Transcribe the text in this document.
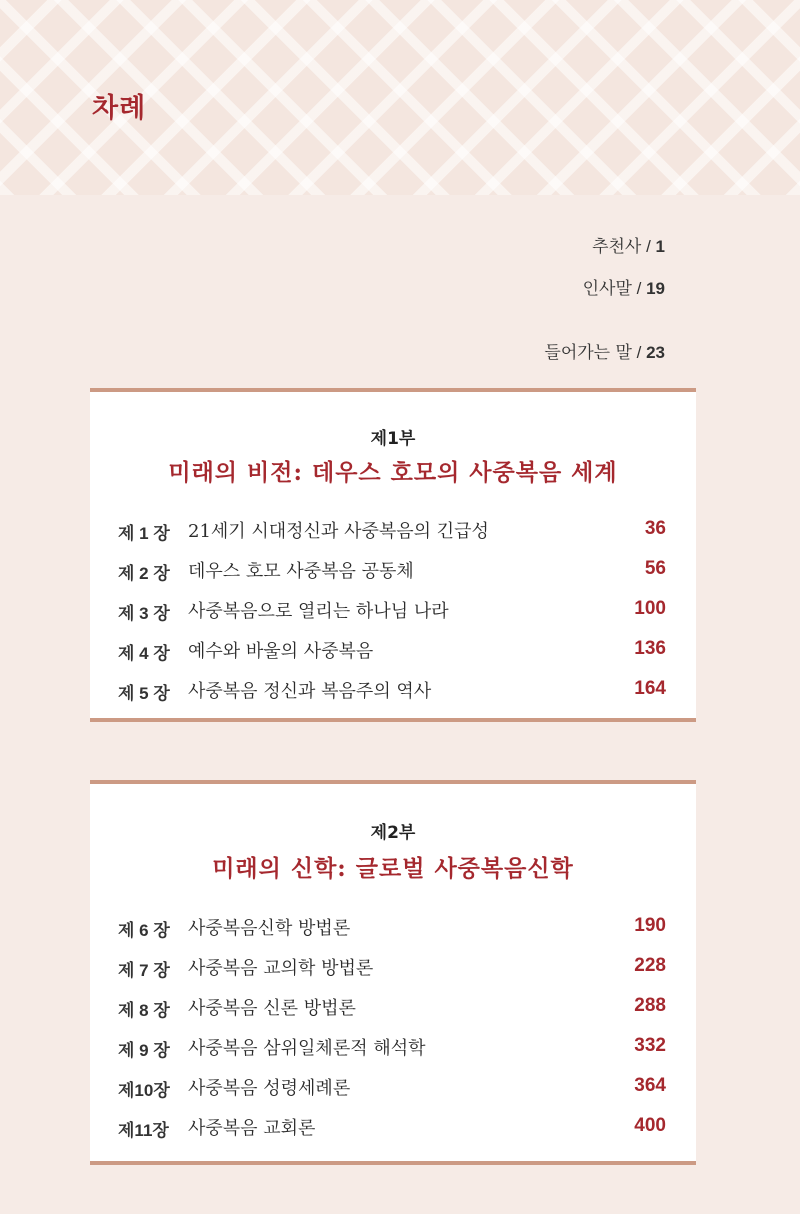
차례
추천사 / 1
인사말 / 19
들어가는 말 / 23
제1부
미래의 비전: 데우스 호모의 사중복음 세계
제 1 장	21세기 시대정신과 사중복음의 긴급성	36
제 2 장	데우스 호모 사중복음 공동체	56
제 3 장	사중복음으로 열리는 하나님 나라	100
제 4 장	예수와 바울의 사중복음	136
제 5 장	사중복음 정신과 복음주의 역사	164
제2부
미래의 신학: 글로벌 사중복음신학
제 6 장	사중복음신학 방법론	190
제 7 장	사중복음 교의학 방법론	228
제 8 장	사중복음 신론 방법론	288
제 9 장	사중복음 삼위일체론적 해석학	332
제10장	사중복음 성령세례론	364
제11장	사중복음 교회론	400
